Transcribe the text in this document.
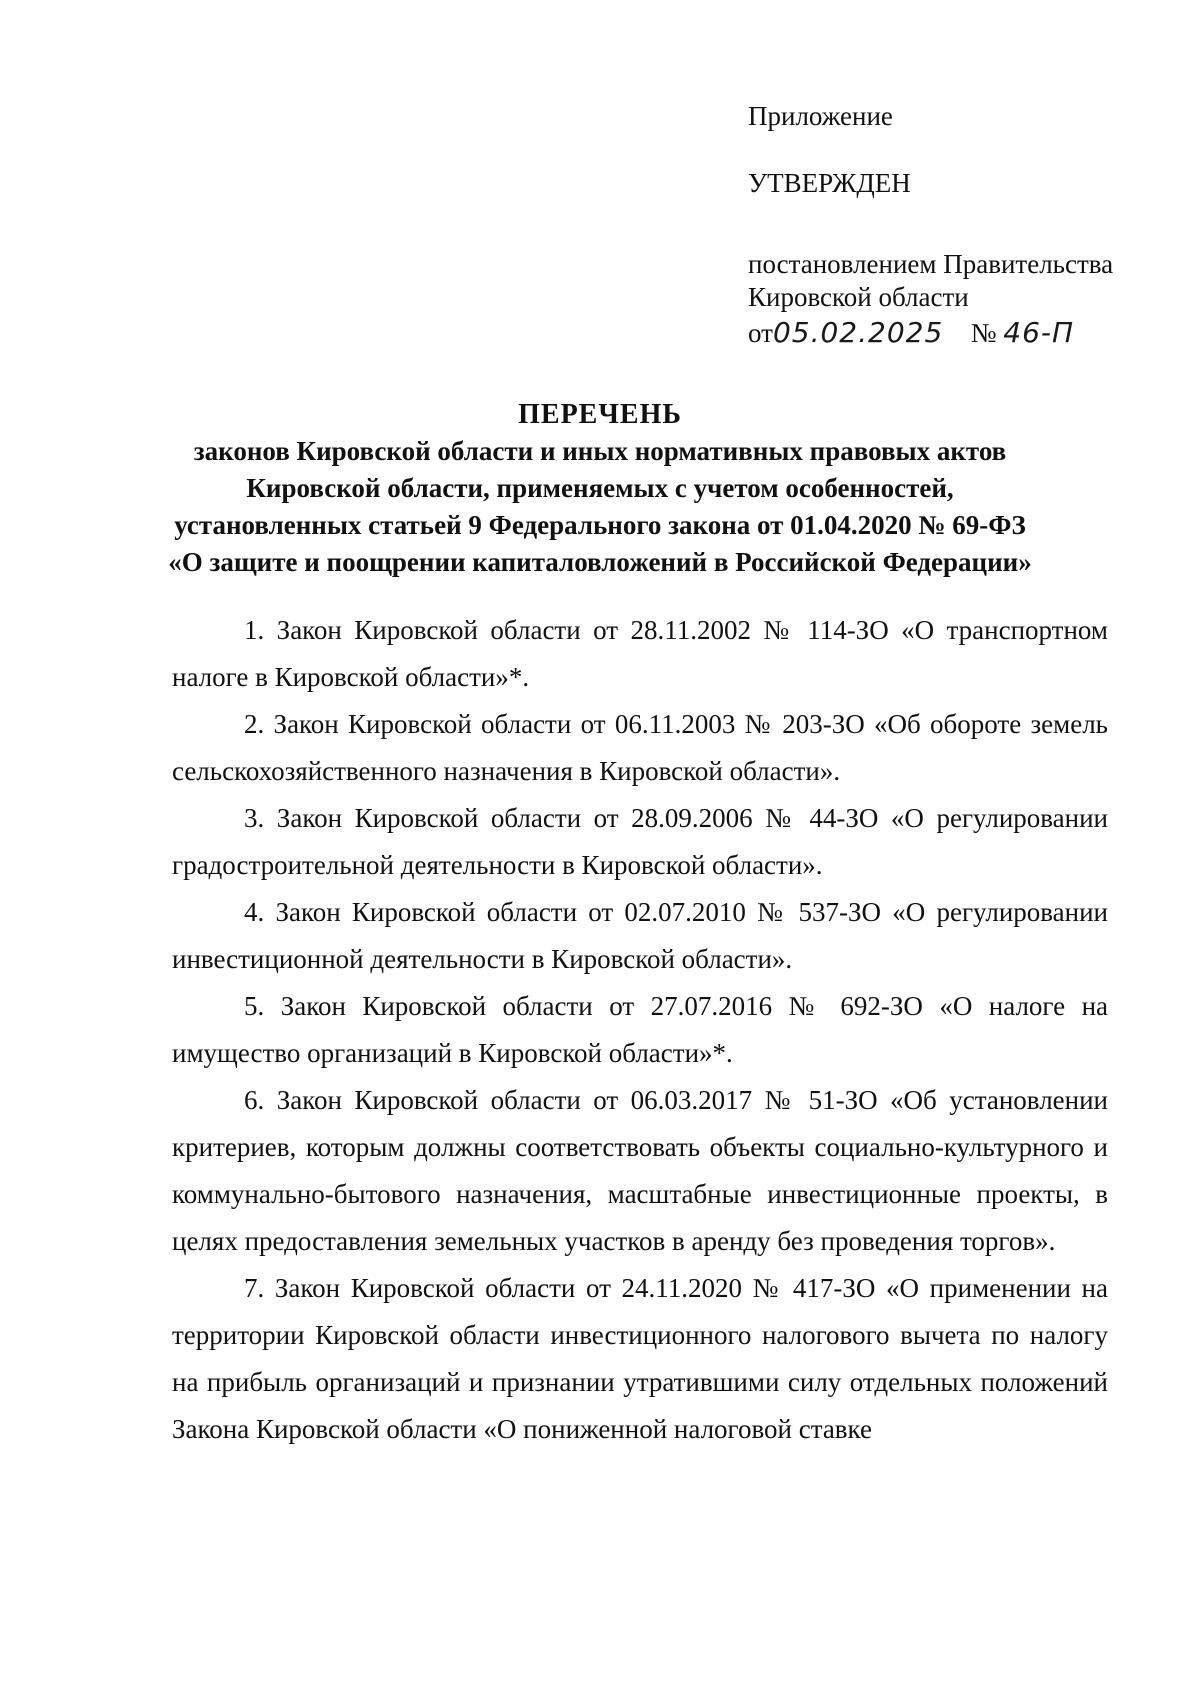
Приложение
УТВЕРЖДЕН
постановлением Правительства
Кировской области
от05.02.2025 № 46-П
ПЕРЕЧЕНЬ
законов Кировской области и иных нормативных правовых актов
Кировской области, применяемых с учетом особенностей,
установленных статьей 9 Федерального закона от 01.04.2020 № 69-ФЗ
«О защите и поощрении капиталовложений в Российской Федерации»

1. Закон Кировской области от 28.11.2002 № 114-ЗО «О транспортном налоге в Кировской области»*.

2. Закон Кировской области от 06.11.2003 № 203-ЗО «Об обороте земель сельскохозяйственного назначения в Кировской области».

3. Закон Кировской области от 28.09.2006 № 44-ЗО «О регулировании градостроительной деятельности в Кировской области».

4. Закон Кировской области от 02.07.2010 № 537-ЗО «О регулировании инвестиционной деятельности в Кировской области».

5. Закон Кировской области от 27.07.2016 № 692-ЗО «О налоге на имущество организаций в Кировской области»*.

6. Закон Кировской области от 06.03.2017 № 51-ЗО «Об установлении критериев, которым должны соответствовать объекты социально-культурного и коммунально-бытового назначения, масштабные инвестиционные проекты, в целях предоставления земельных участков в аренду без проведения торгов».

7. Закон Кировской области от 24.11.2020 № 417-ЗО «О применении на территории Кировской области инвестиционного налогового вычета по налогу на прибыль организаций и признании утратившими силу отдельных положений Закона Кировской области «О пониженной налоговой ставке
